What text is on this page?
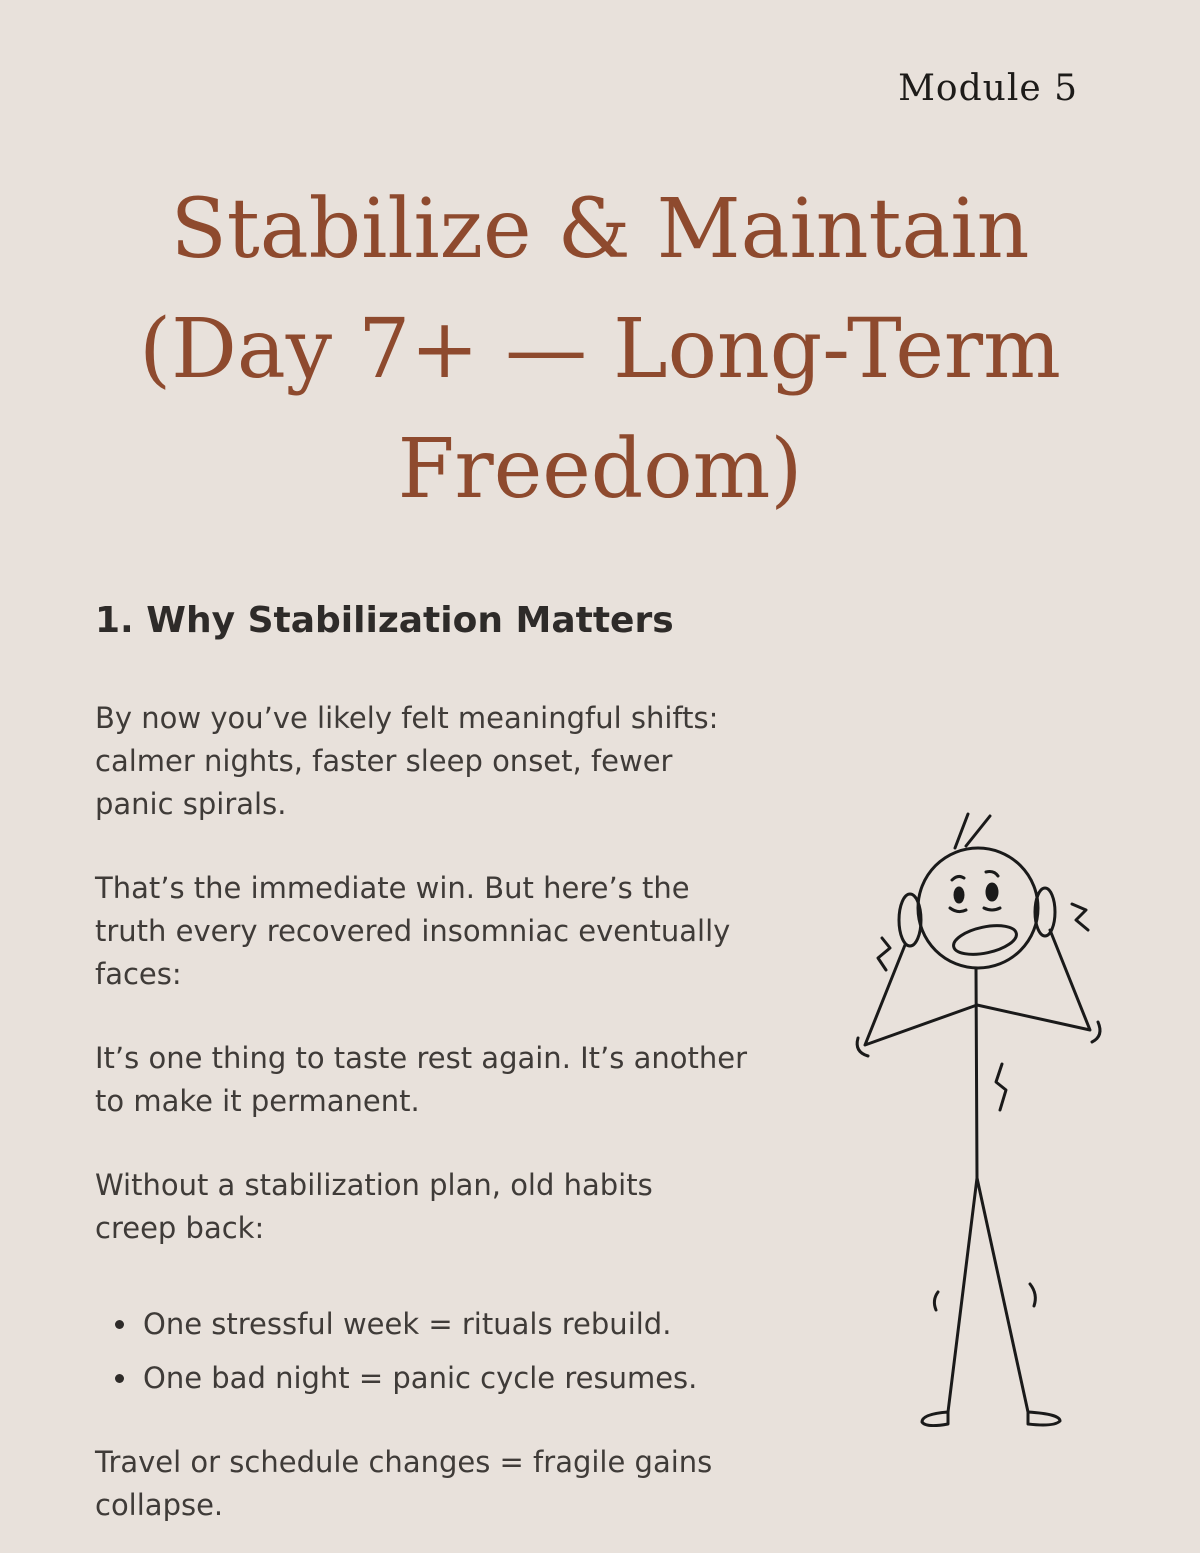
Module 5
Stabilize & Maintain
(Day 7+ — Long-Term
Freedom)
1. Why Stabilization Matters
By now you’ve likely felt meaningful shifts: calmer nights, faster sleep onset, fewer panic spirals.
That’s the immediate win. But here’s the truth every recovered insomniac eventually faces:
It’s one thing to taste rest again. It’s another to make it permanent.
Without a stabilization plan, old habits creep back:
One stressful week = rituals rebuild.
One bad night = panic cycle resumes.
Travel or schedule changes = fragile gains collapse.
